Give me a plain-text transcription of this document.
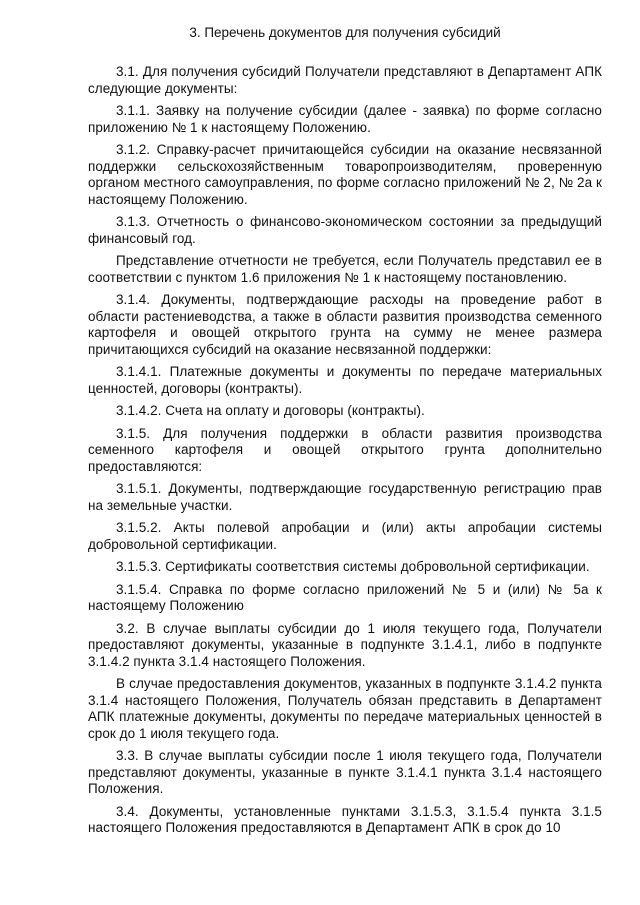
3. Перечень документов для получения субсидий

3.1. Для получения субсидий Получатели представляют в Департамент АПК следующие документы:

3.1.1. Заявку на получение субсидии (далее - заявка) по форме согласно приложению № 1 к настоящему Положению.

3.1.2. Справку-расчет причитающейся субсидии на оказание несвязанной поддержки сельскохозяйственным товаропроизводителям, проверенную органом местного самоуправления, по форме согласно приложений № 2, № 2а к настоящему Положению.

3.1.3. Отчетность о финансово-экономическом состоянии за предыдущий финансовый год.

Представление отчетности не требуется, если Получатель представил ее в соответствии с пунктом 1.6 приложения № 1 к настоящему постановлению.

3.1.4. Документы, подтверждающие расходы на проведение работ в области растениеводства, а также в области развития производства семенного картофеля и овощей открытого грунта на сумму не менее размера причитающихся субсидий на оказание несвязанной поддержки:

3.1.4.1. Платежные документы и документы по передаче материальных ценностей, договоры (контракты).

3.1.4.2. Счета на оплату и договоры (контракты).

3.1.5. Для получения поддержки в области развития производства семенного картофеля и овощей открытого грунта дополнительно предоставляются:

3.1.5.1. Документы, подтверждающие государственную регистрацию прав на земельные участки.

3.1.5.2. Акты полевой апробации и (или) акты апробации системы добровольной сертификации.

3.1.5.3. Сертификаты соответствия системы добровольной сертификации.

3.1.5.4. Справка по форме согласно приложений № 5 и (или) № 5а к настоящему Положению

3.2. В случае выплаты субсидии до 1 июля текущего года, Получатели предоставляют документы, указанные в подпункте 3.1.4.1, либо в подпункте 3.1.4.2 пункта 3.1.4 настоящего Положения.

В случае предоставления документов, указанных в подпункте 3.1.4.2 пункта 3.1.4 настоящего Положения, Получатель обязан представить в Департамент АПК платежные документы, документы по передаче материальных ценностей в срок до 1 июля текущего года.

3.3. В случае выплаты субсидии после 1 июля текущего года, Получатели представляют документы, указанные в пункте 3.1.4.1 пункта 3.1.4 настоящего Положения.

3.4. Документы, установленные пунктами 3.1.5.3, 3.1.5.4 пункта 3.1.5 настоящего Положения предоставляются в Департамент АПК в срок до 10
